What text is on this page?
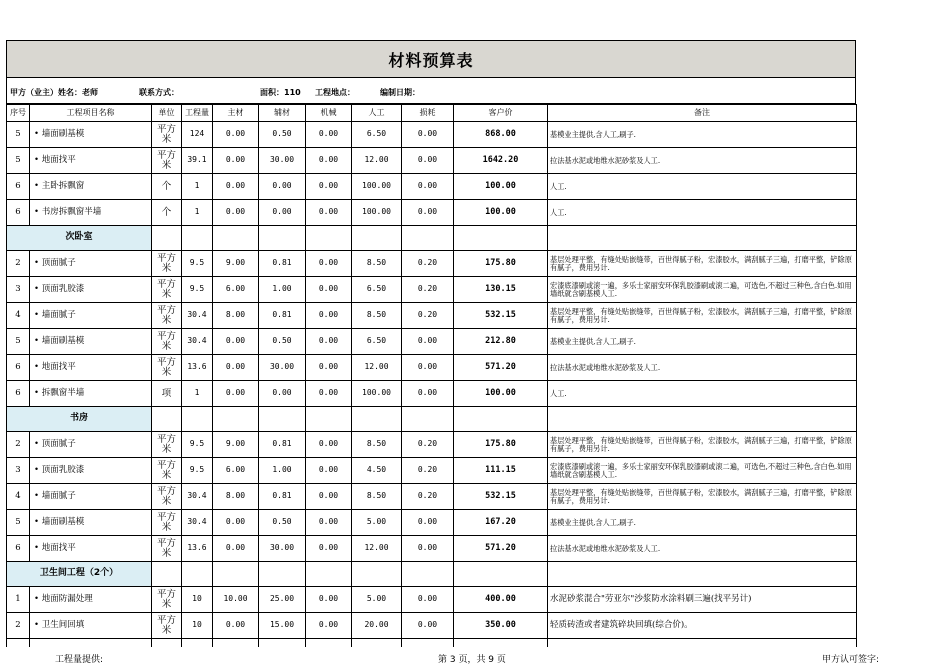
材料预算表
甲方（业主）姓名：老师	联系方式：	面积：110 工程地点：	编制日期：
序号	工程项目名称	单位	工程量	主材	辅材	机械	人工	损耗	客户价	备注
5	• 墙面刷基模	平方米	124	0.00	0.50	0.00	6.50	0.00	868.00	基模业主提供,含人工,刷子.
5	• 地面找平	平方米	39.1	0.00	30.00	0.00	12.00	0.00	1642.20	拉法基水泥或地维水泥砂浆及人工.
6	• 主卧拆飘窗	个	1	0.00	0.00	0.00	100.00	0.00	100.00	人工.
6	• 书房拆飘窗半墙	个	1	0.00	0.00	0.00	100.00	0.00	100.00	人工.
次卧室										
2	• 顶面腻子	平方米	9.5	9.00	0.81	0.00	8.50	0.20	175.80	基层处理平整，有缝处贴嵌缝带，百世得腻子粉，宏漆胶水，满刮腻子三遍，打磨平整，铲除原有腻子，费用另计.
3	• 顶面乳胶漆	平方米	9.5	6.00	1.00	0.00	6.50	0.20	130.15	宏漆底漆刷或滚一遍，多乐士家丽安环保乳胶漆刷或滚二遍，可选色,不超过三种色,含白色.如用墙纸就含刷基模人工.
4	• 墙面腻子	平方米	30.4	8.00	0.81	0.00	8.50	0.20	532.15	基层处理平整，有缝处贴嵌缝带，百世得腻子粉，宏漆胶水，满刮腻子三遍，打磨平整，铲除原有腻子，费用另计.
5	• 墙面刷基模	平方米	30.4	0.00	0.50	0.00	6.50	0.00	212.80	基模业主提供,含人工,刷子.
6	• 地面找平	平方米	13.6	0.00	30.00	0.00	12.00	0.00	571.20	拉法基水泥或地维水泥砂浆及人工.
6	• 拆飘窗半墙	项	1	0.00	0.00	0.00	100.00	0.00	100.00	人工.
书房										
2	• 顶面腻子	平方米	9.5	9.00	0.81	0.00	8.50	0.20	175.80	基层处理平整，有缝处贴嵌缝带，百世得腻子粉，宏漆胶水，满刮腻子三遍，打磨平整，铲除原有腻子，费用另计.
3	• 顶面乳胶漆	平方米	9.5	6.00	1.00	0.00	4.50	0.20	111.15	宏漆底漆刷或滚一遍，多乐士家丽安环保乳胶漆刷或滚二遍，可选色,不超过三种色,含白色.如用墙纸就含刷基模人工.
4	• 墙面腻子	平方米	30.4	8.00	0.81	0.00	8.50	0.20	532.15	基层处理平整，有缝处贴嵌缝带，百世得腻子粉，宏漆胶水，满刮腻子三遍，打磨平整，铲除原有腻子，费用另计.
5	• 墙面刷基模	平方米	30.4	0.00	0.50	0.00	5.00	0.00	167.20	基模业主提供,含人工,刷子.
6	• 地面找平	平方米	13.6	0.00	30.00	0.00	12.00	0.00	571.20	拉法基水泥或地维水泥砂浆及人工.
卫生间工程（2个）										
1	• 地面防漏处理	平方米	10	10.00	25.00	0.00	5.00	0.00	400.00	水泥砂浆混合"劳亚尔"沙浆防水涂料刷三遍(找平另计)
2	• 卫生间回填	平方米	10	0.00	15.00	0.00	20.00	0.00	350.00	轻质砖渣或者建筑碎块回填(综合价)。

工程量提供:	第 3 页，共 9 页	甲方认可签字:
